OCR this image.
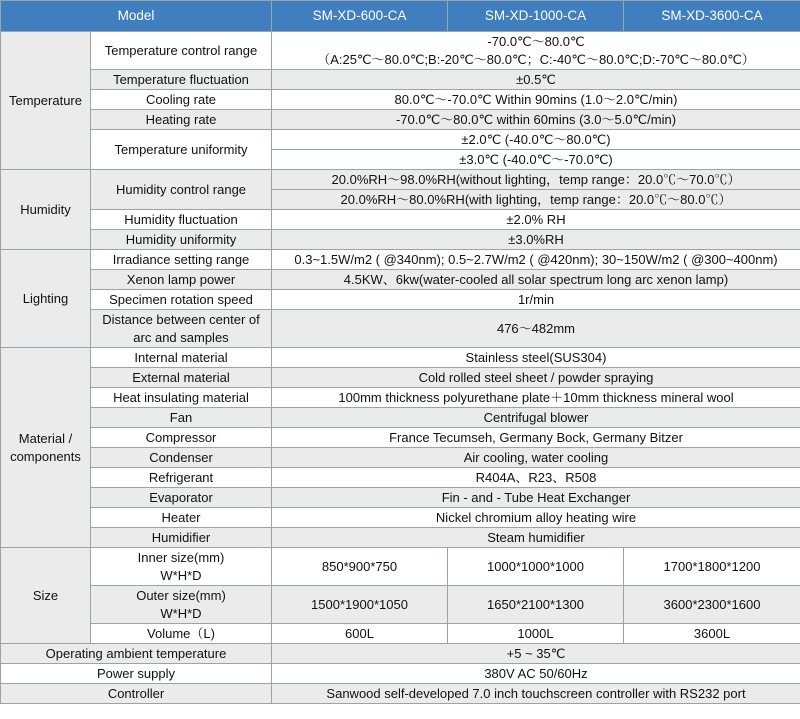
Model		SM-XD-600-CA	SM-XD-1000-CA	SM-XD-3600-CA
Temperature	Temperature control range	-70.0℃～80.0℃
（A:25℃～80.0℃;B:-20℃～80.0℃；C:-40℃～80.0℃;D:-70℃～80.0℃）		

	Temperature fluctuation	±0.5℃		
	Cooling rate	80.0℃～-70.0℃ Within 90mins (1.0～2.0℃/min)		
	Heating rate	-70.0℃～80.0℃ within 60mins (3.0～5.0℃/min)		
	Temperature uniformity	±2.0℃ (-40.0℃～80.0℃)		
		±3.0℃ (-40.0℃～-70.0℃)		
Humidity	Humidity control range	20.0%RH～98.0%RH(without lighting，temp range：20.0℃～70.0℃）		
		20.0%RH～80.0%RH(with lighting，temp range：20.0℃～80.0℃）		
	Humidity fluctuation	±2.0% RH		
	Humidity uniformity	±3.0%RH		
Lighting	Irradiance setting range	0.3~1.5W/m2 ( @340nm); 0.5~2.7W/m2 ( @420nm); 30~150W/m2 ( @300~400nm)		
	Xenon lamp power	4.5KW、6kw(water-cooled all solar spectrum long arc xenon lamp)		
	Specimen rotation speed	1r/min		

	Distance between center of
arc and samples	476～482mm		
Material / components	Internal material	Stainless steel(SUS304)		
	External material	Cold rolled steel sheet / powder spraying		
	Heat insulating material	100mm thickness polyurethane plate＋10mm thickness mineral wool		
	Fan	Centrifugal blower		
	Compressor	France Tecumseh, Germany Bock, Germany Bitzer		
	Condenser	Air cooling, water cooling		
	Refrigerant	R404A、R23、R508		
	Evaporator	Fin - and - Tube Heat Exchanger		
	Heater	Nickel chromium alloy heating wire		
	Humidifier	Steam humidifier		
Size	Inner size(mm)
W*H*D	850*900*750	1000*1000*1000	1700*1800*1200

	Outer size(mm)
W*H*D	1500*1900*1050	1650*2100*1300	3600*2300*1600
	Volume（L)	600L	1000L	3600L
Operating ambient temperature		+5 ~ 35℃		
Power supply		380V AC 50/60Hz		
Controller		Sanwood self-developed 7.0 inch touchscreen controller with RS232 port		
